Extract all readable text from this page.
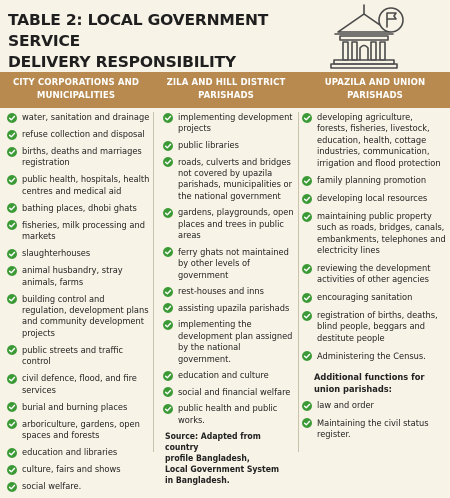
TABLE 2: LOCAL GOVERNMENT SERVICE
DELIVERY RESPONSIBILITY
CITY CORPORATIONS AND
MUNICIPALITIES
ZILA AND HILL DISTRICT
PARISHADS
UPAZILA AND UNION
PARISHADS
water, sanitation and drainage
refuse collection and disposal
births, deaths and marriages registration
public health, hospitals, health centres and medical aid
bathing places, dhobi ghats
fisheries, milk processing and markets
slaughterhouses
animal husbandry, stray animals, farms
building control and regulation, development plans and community development projects
public streets and traffic control
civil defence, flood, and fire services
burial and burning places
arboriculture, gardens, open spaces and forests
education and libraries
culture, fairs and shows
social welfare.
implementing development projects
public libraries
roads, culverts and bridges not covered by upazila parishads, municipalities or the national government
gardens, playgrounds, open places and trees in public areas
ferry ghats not maintained by other levels of government
rest-houses and inns
assisting upazila parishads
implementing the development plan assigned by the national government.
education and culture
social and financial welfare
public health and public works.
Source: Adapted from country
profile Bangladesh,
Local Government System
in Bangladesh.
developing agriculture, forests, fisheries, livestock, education, health, cottage industries, communication, irrigation and flood protection
family planning promotion
developing local resources
maintaining public property such as roads, bridges, canals, embankments, telephones and electricity lines
reviewing the development activities of other agencies
encouraging sanitation
registration of births, deaths, blind people, beggars and destitute people
Administering the Census.
Additional functions for
union parishads:
law and order
Maintaining the civil status register.
